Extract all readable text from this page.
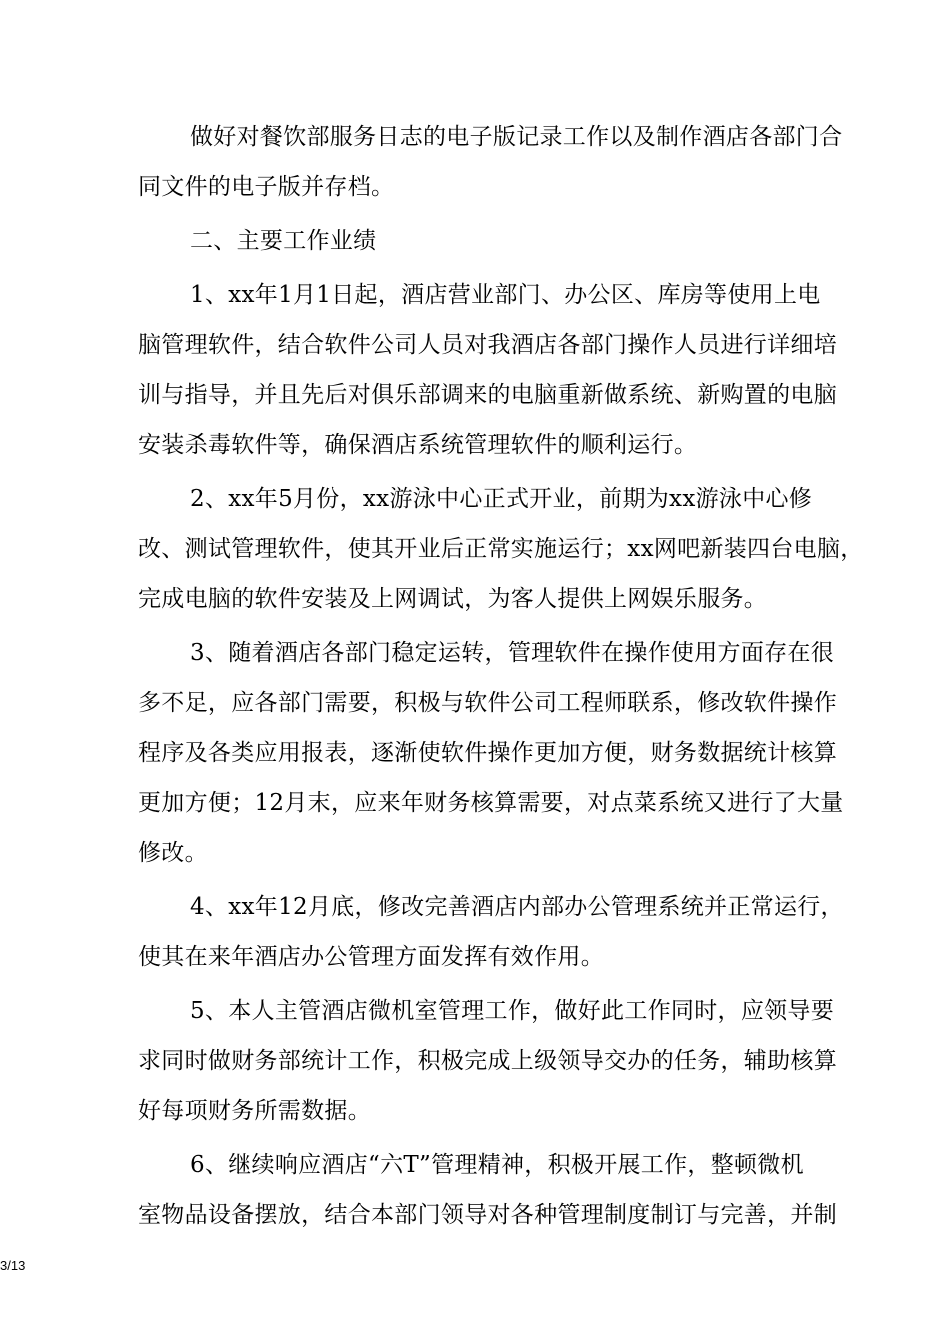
做好对餐饮部服务日志的电子版记录工作以及制作酒店各部门合
同文件的电子版并存档。

二、主要工作业绩

1、xx年1月1日起，酒店营业部门、办公区、库房等使用上电
脑管理软件，结合软件公司人员对我酒店各部门操作人员进行详细培
训与指导，并且先后对俱乐部调来的电脑重新做系统、新购置的电脑
安装杀毒软件等，确保酒店系统管理软件的顺利运行。

2、xx年5月份，xx游泳中心正式开业，前期为xx游泳中心修
改、测试管理软件，使其开业后正常实施运行；xx网吧新装四台电脑，
完成电脑的软件安装及上网调试，为客人提供上网娱乐服务。

3、随着酒店各部门稳定运转，管理软件在操作使用方面存在很
多不足，应各部门需要，积极与软件公司工程师联系，修改软件操作
程序及各类应用报表，逐渐使软件操作更加方便，财务数据统计核算
更加方便；12月末，应来年财务核算需要，对点菜系统又进行了大量
修改。

4、xx年12月底，修改完善酒店内部办公管理系统并正常运行，
使其在来年酒店办公管理方面发挥有效作用。

5、本人主管酒店微机室管理工作，做好此工作同时，应领导要
求同时做财务部统计工作，积极完成上级领导交办的任务，辅助核算
好每项财务所需数据。

6、继续响应酒店“六T”管理精神，积极开展工作，整顿微机
室物品设备摆放，结合本部门领导对各种管理制度制订与完善，并制

3/13
